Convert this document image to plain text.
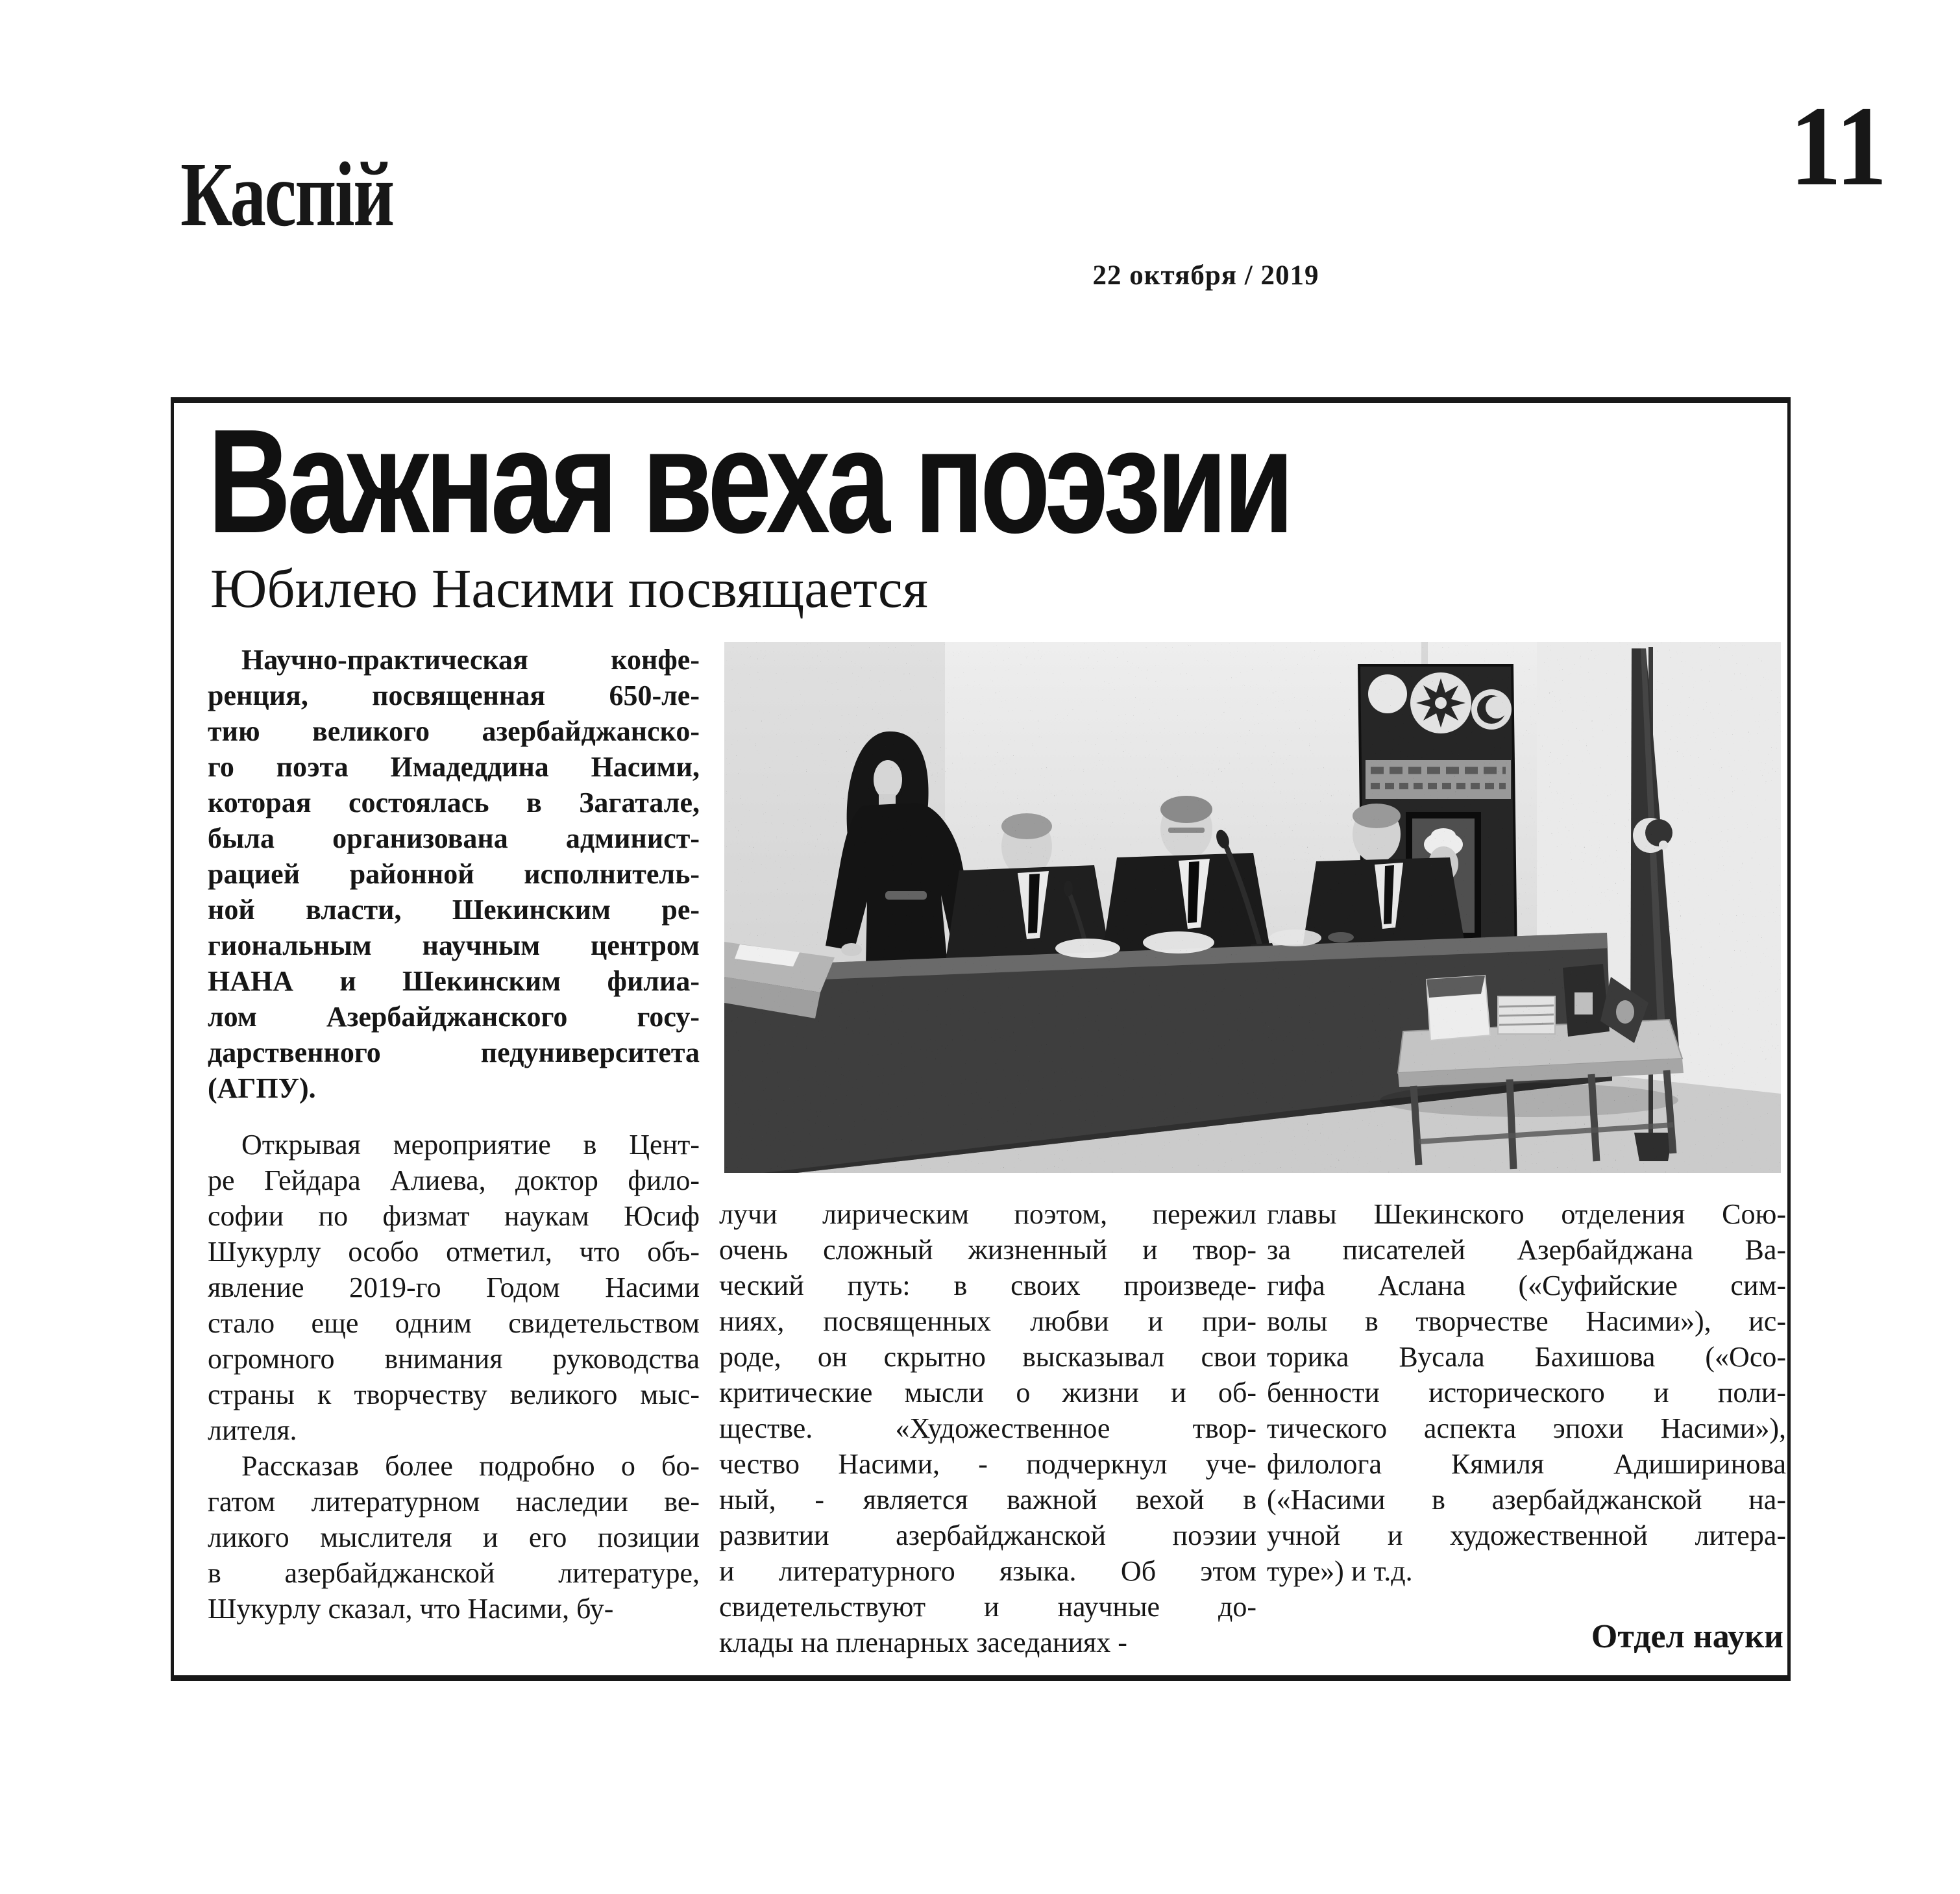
Каспій	11
22 октября / 2019
Важная веха поэзии
Юбилею Насими посвящается
Научно-практическая конфе-
ренция, посвященная 650-ле-
тию великого азербайджанско-
го поэта Имадеддина Насими,
которая состоялась в Загатале,
была организована админист-
рацией районной исполнитель-
ной власти, Шекинским ре-
гиональным научным центром
НАНА и Шекинским филиа-
лом Азербайджанского госу-
дарственного педуниверситета
(АГПУ).
Открывая мероприятие в Цент-
ре Гейдара Алиева, доктор фило-
софии по физмат наукам Юсиф
Шукурлу особо отметил, что объ-
явление 2019-го Годом Насими
стало еще одним свидетельством
огромного внимания руководства
страны к творчеству великого мыс-
лителя.
Рассказав более подробно о бо-
гатом литературном наследии ве-
ликого мыслителя и его позиции
в азербайджанской литературе,
Шукурлу сказал, что Насими, бу-
лучи лирическим поэтом, пережил
очень сложный жизненный и твор-
ческий путь: в своих произведе-
ниях, посвященных любви и при-
роде, он скрытно высказывал свои
критические мысли о жизни и об-
ществе. «Художественное твор-
чество Насими, - подчеркнул уче-
ный, - является важной вехой в
развитии азербайджанской поэзии
и литературного языка. Об этом
свидетельствуют и научные до-
клады на пленарных заседаниях -
главы Шекинского отделения Сою-
за писателей Азербайджана Ва-
гифа Аслана («Суфийские сим-
волы в творчестве Насими»), ис-
торика Вусала Бахишова («Осо-
бенности исторического и поли-
тического аспекта эпохи Насими»),
филолога Кямиля Адиширинова
(«Насими в азербайджанской на-
учной и художественной литера-
туре») и т.д.
Отдел науки
